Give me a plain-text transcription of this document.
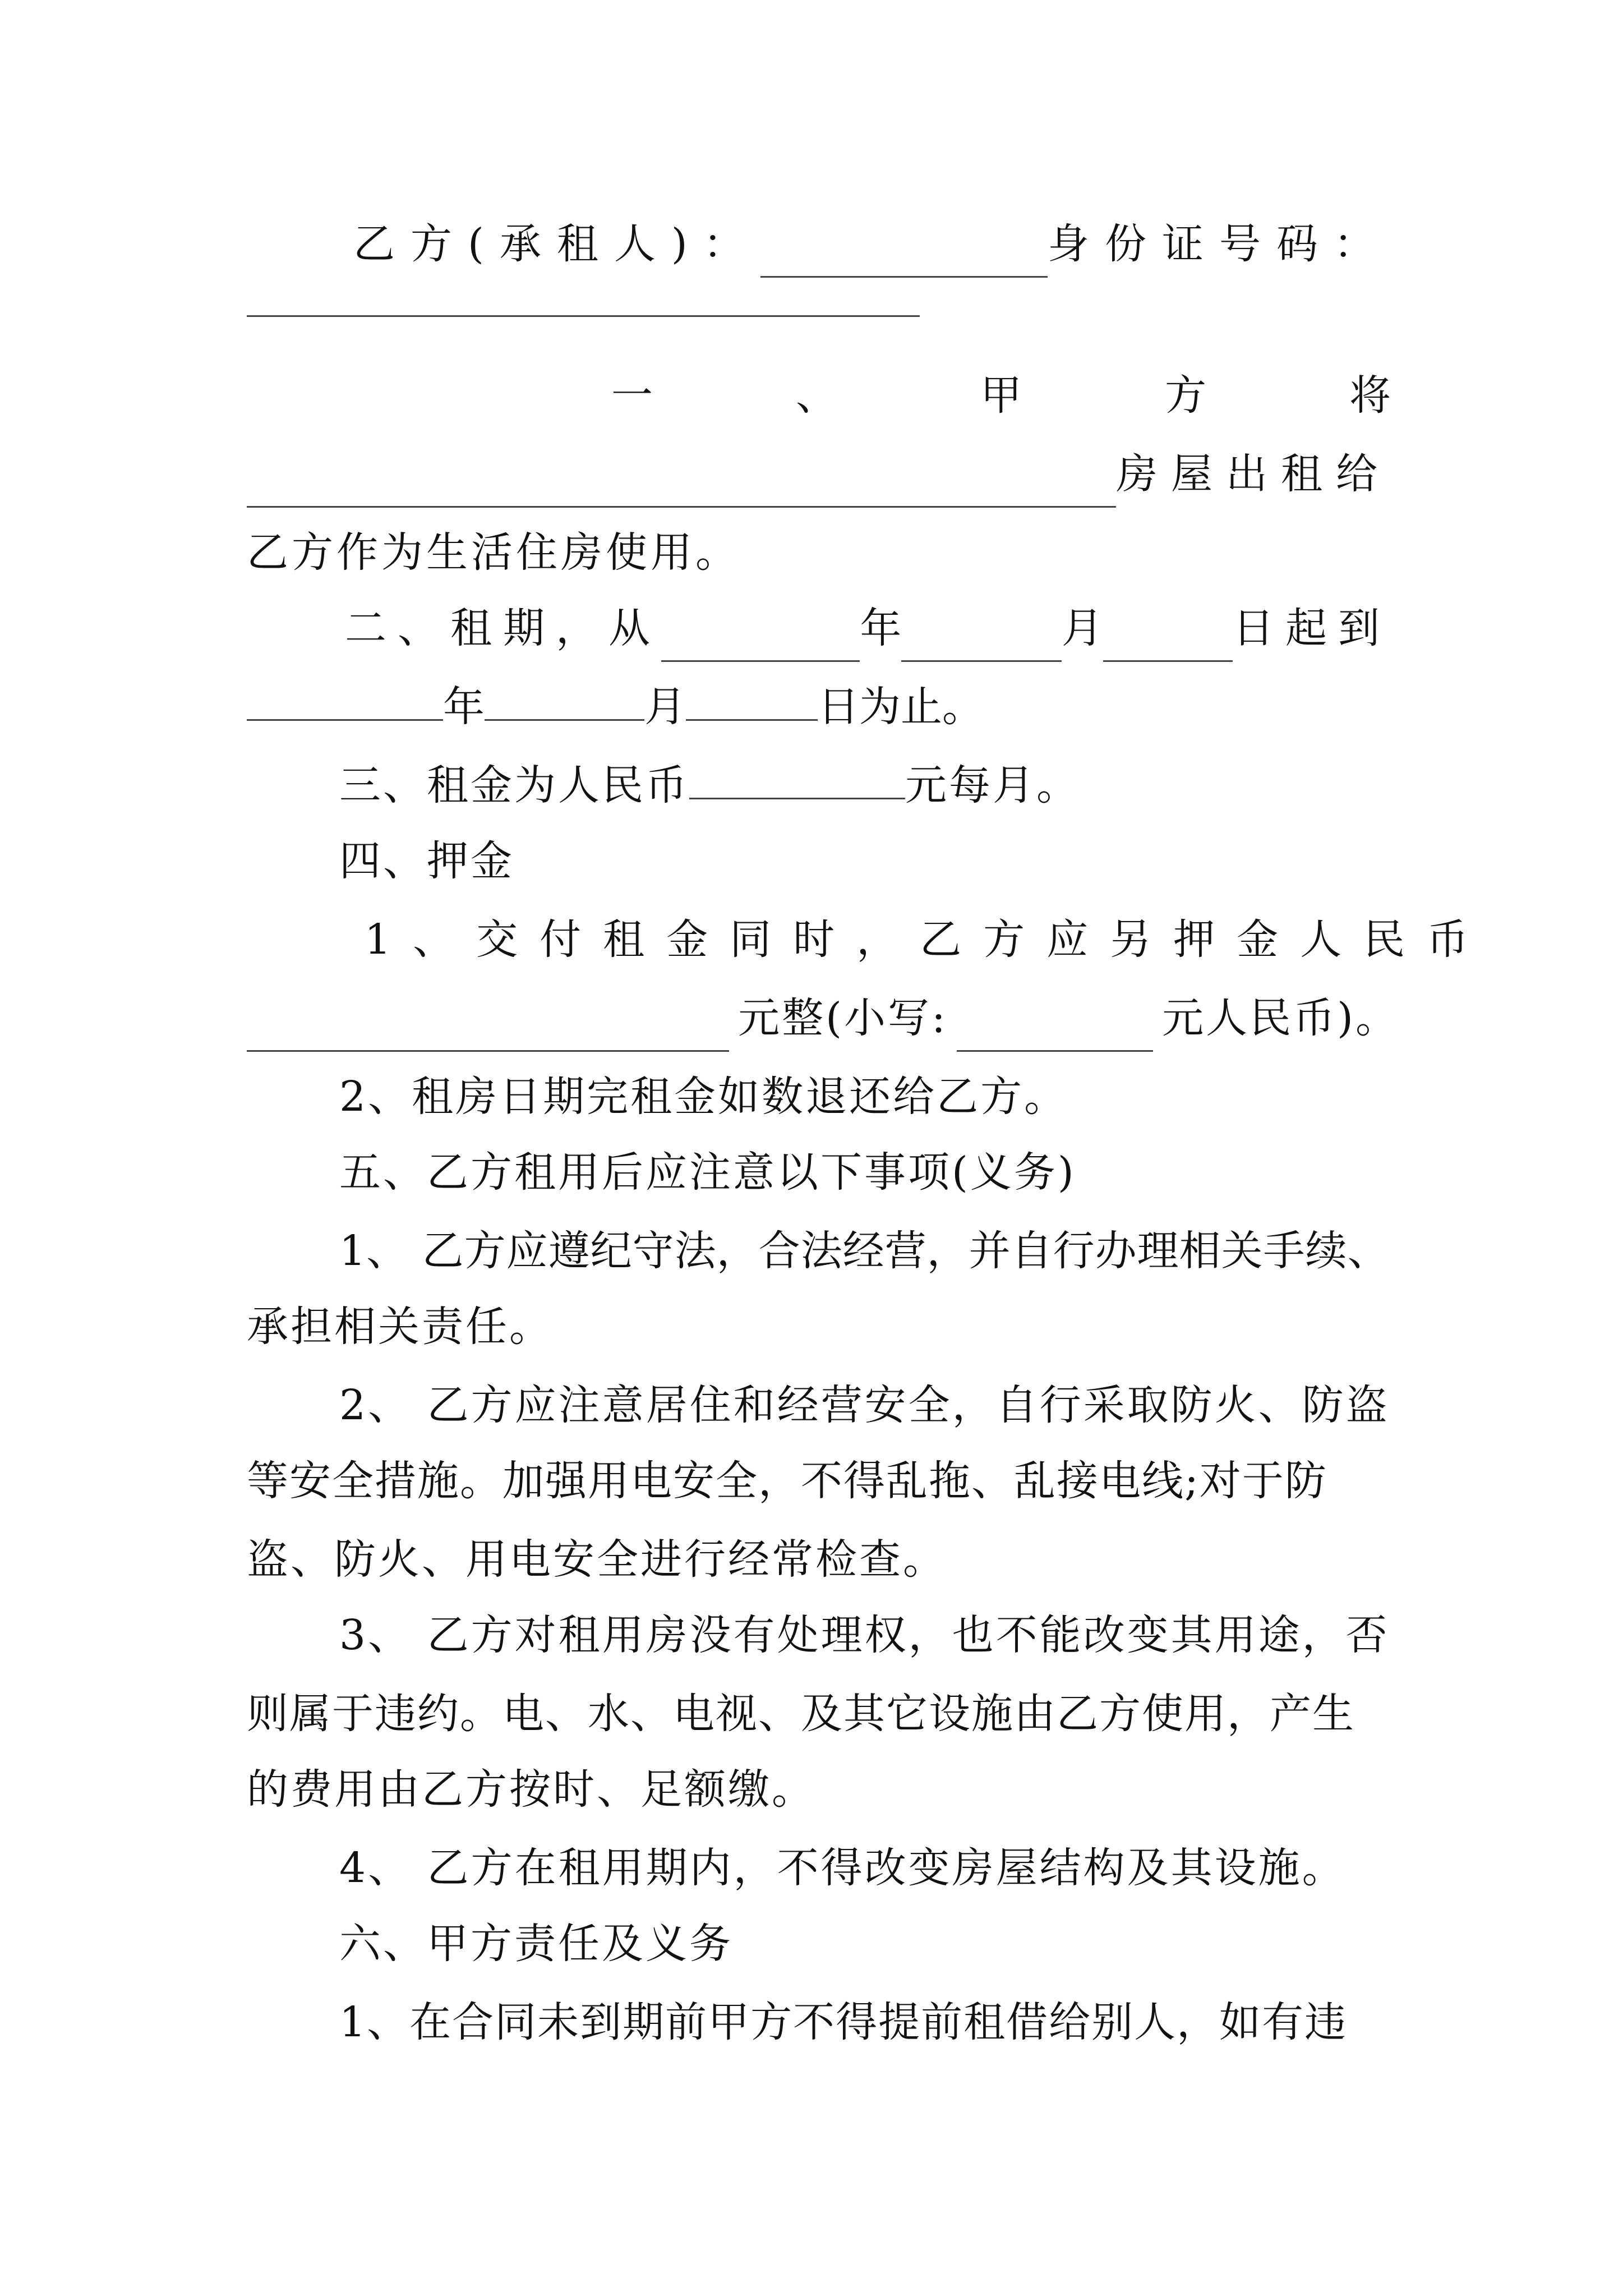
乙方(承租人)：	身份证号码：
一	、	甲	方	将
房屋出租给
乙方作为生活住房使用。
二、租期，从	年	月	日起到
年	月	日为止。
三、租金为人民币	元每月。
四、押金
1、交付租金同时，乙方应另押金人民币
元整(小写:	元人民币)。
2、租房日期完租金如数退还给乙方。
五、乙方租用后应注意以下事项(义务)
1、 乙方应遵纪守法，合法经营，并自行办理相关手续、
承担相关责任。
2、 乙方应注意居住和经营安全，自行采取防火、防盗
等安全措施。加强用电安全，不得乱拖、乱接电线;对于防
盗、防火、用电安全进行经常检查。
3、 乙方对租用房没有处理权，也不能改变其用途，否
则属于违约。电、水、电视、及其它设施由乙方使用，产生
的费用由乙方按时、足额缴。
4、 乙方在租用期内，不得改变房屋结构及其设施。
六、甲方责任及义务
1、在合同未到期前甲方不得提前租借给别人，如有违
